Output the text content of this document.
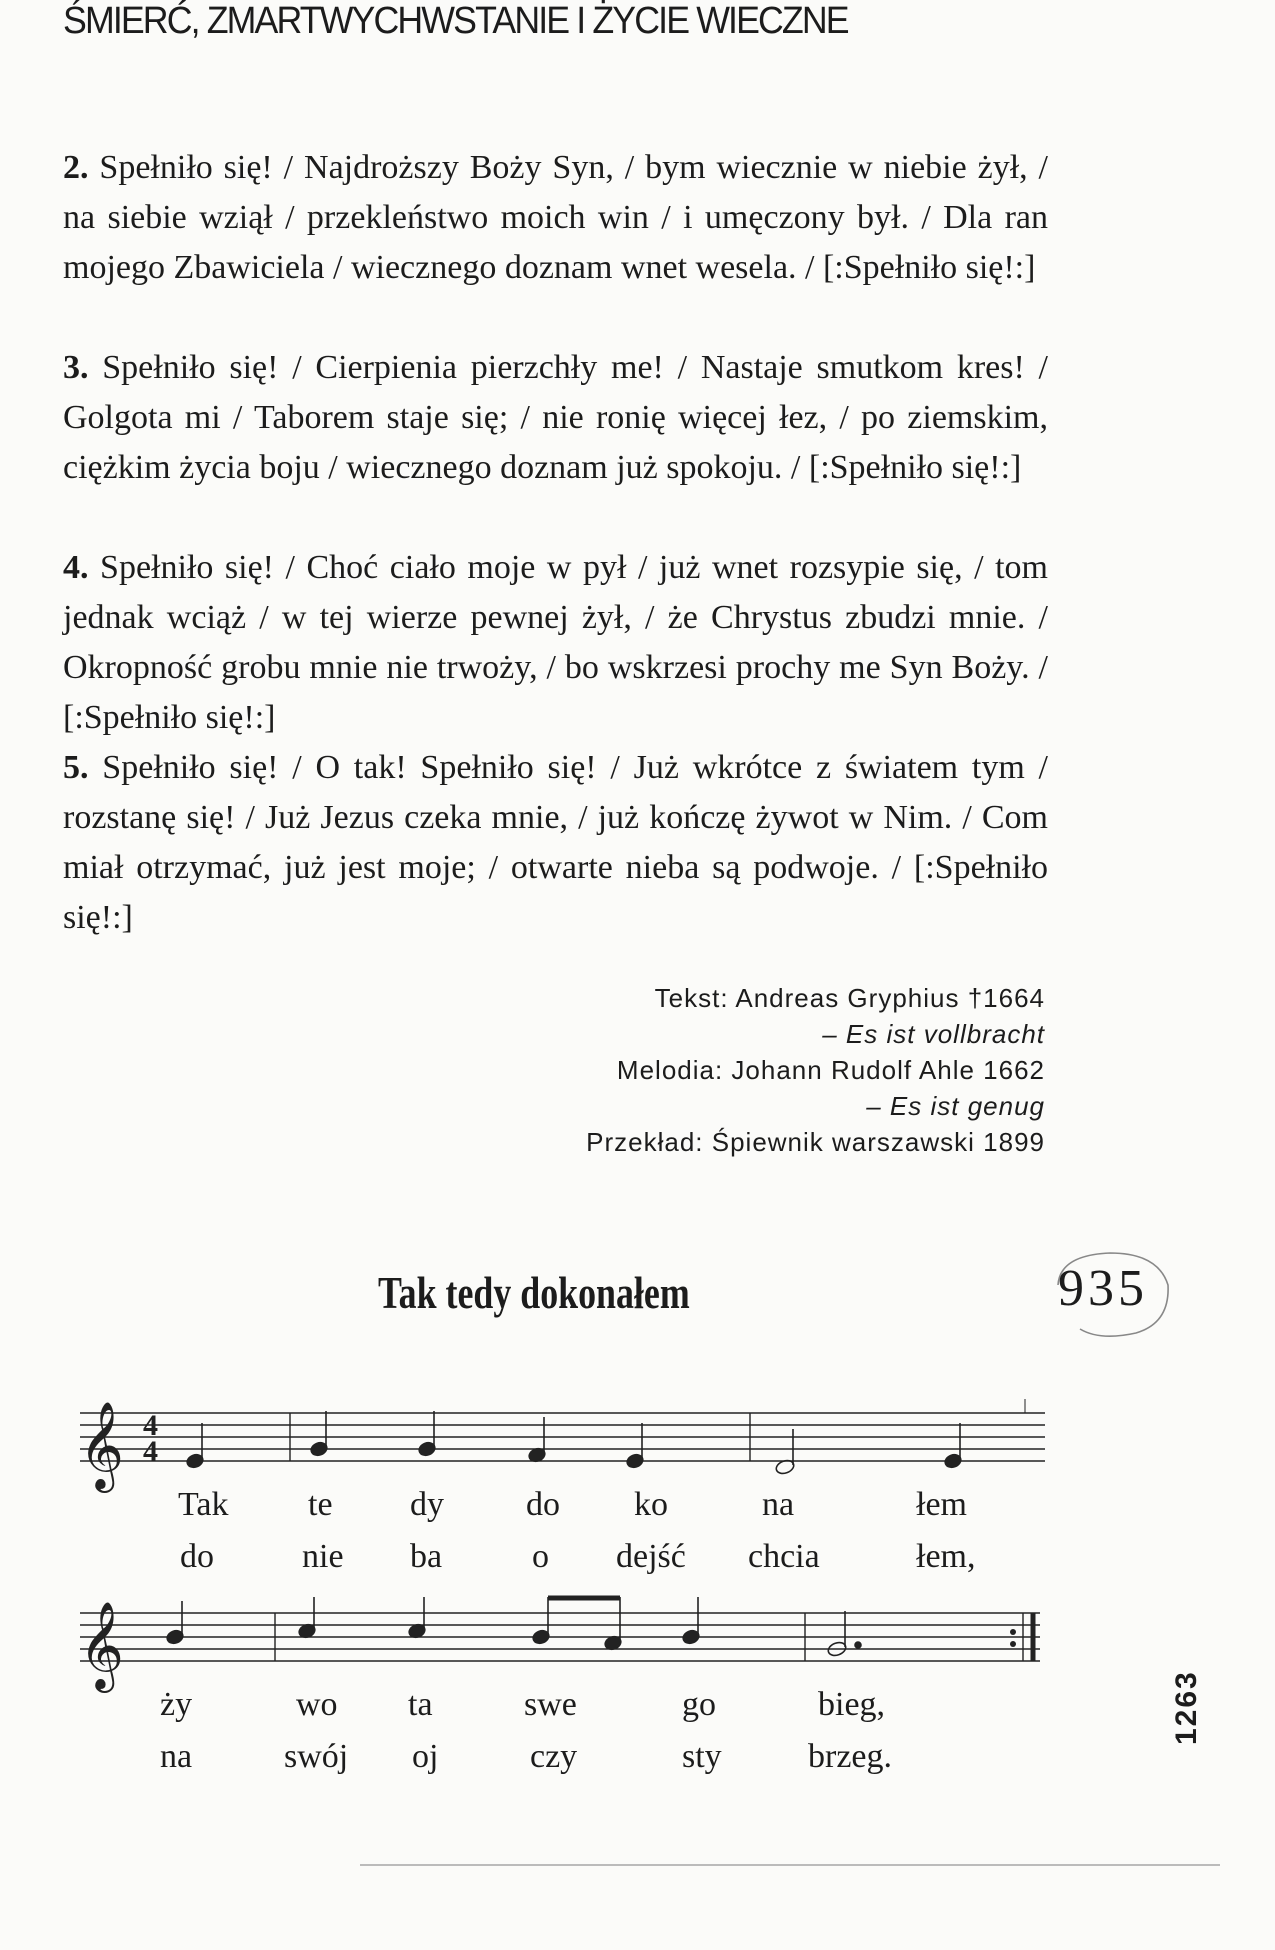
ŚMIERĆ, ZMARTWYCHWSTANIE I ŻYCIE WIECZNE
2. Spełniło się! / Najdroższy Boży Syn, / bym wiecznie w niebie żył, / na siebie wziął / przekleństwo moich win / i umęczony był. / Dla ran mojego Zbawiciela / wiecznego doznam wnet wesela. / [:Spełniło się!:]
3. Spełniło się! / Cierpienia pierzchły me! / Nastaje smutkom kres! / Golgota mi / Taborem staje się; / nie ronię więcej łez, / po ziemskim, ciężkim życia boju / wiecznego doznam już spokoju. / [:Spełniło się!:]
4. Spełniło się! / Choć ciało moje w pył / już wnet rozsypie się, / tom jednak wciąż / w tej wierze pewnej żył, / że Chrystus zbudzi mnie. / Okropność grobu mnie nie trwoży, / bo wskrzesi prochy me Syn Boży. / [:Spełniło się!:]
5. Spełniło się! / O tak! Spełniło się! / Już wkrótce z światem tym / rozstanę się! / Już Jezus czeka mnie, / już kończę żywot w Nim. / Com miał otrzymać, już jest moje; / otwarte nieba są podwoje. / [:Spełniło się!:]
Tekst: Andreas Gryphius †1664
– Es ist vollbracht
Melodia: Johann Rudolf Ahle 1662
– Es ist genug
Przekład: Śpiewnik warszawski 1899
Tak tedy dokonałem	935
𝄞 4
4
Tak te dy do ko	na	łem
do	nie ba	o dejść chcia	łem,
𝄞
ży	wo ta	swe	go	bieg,
na	swój oj	czy	sty	brzeg.
1263
